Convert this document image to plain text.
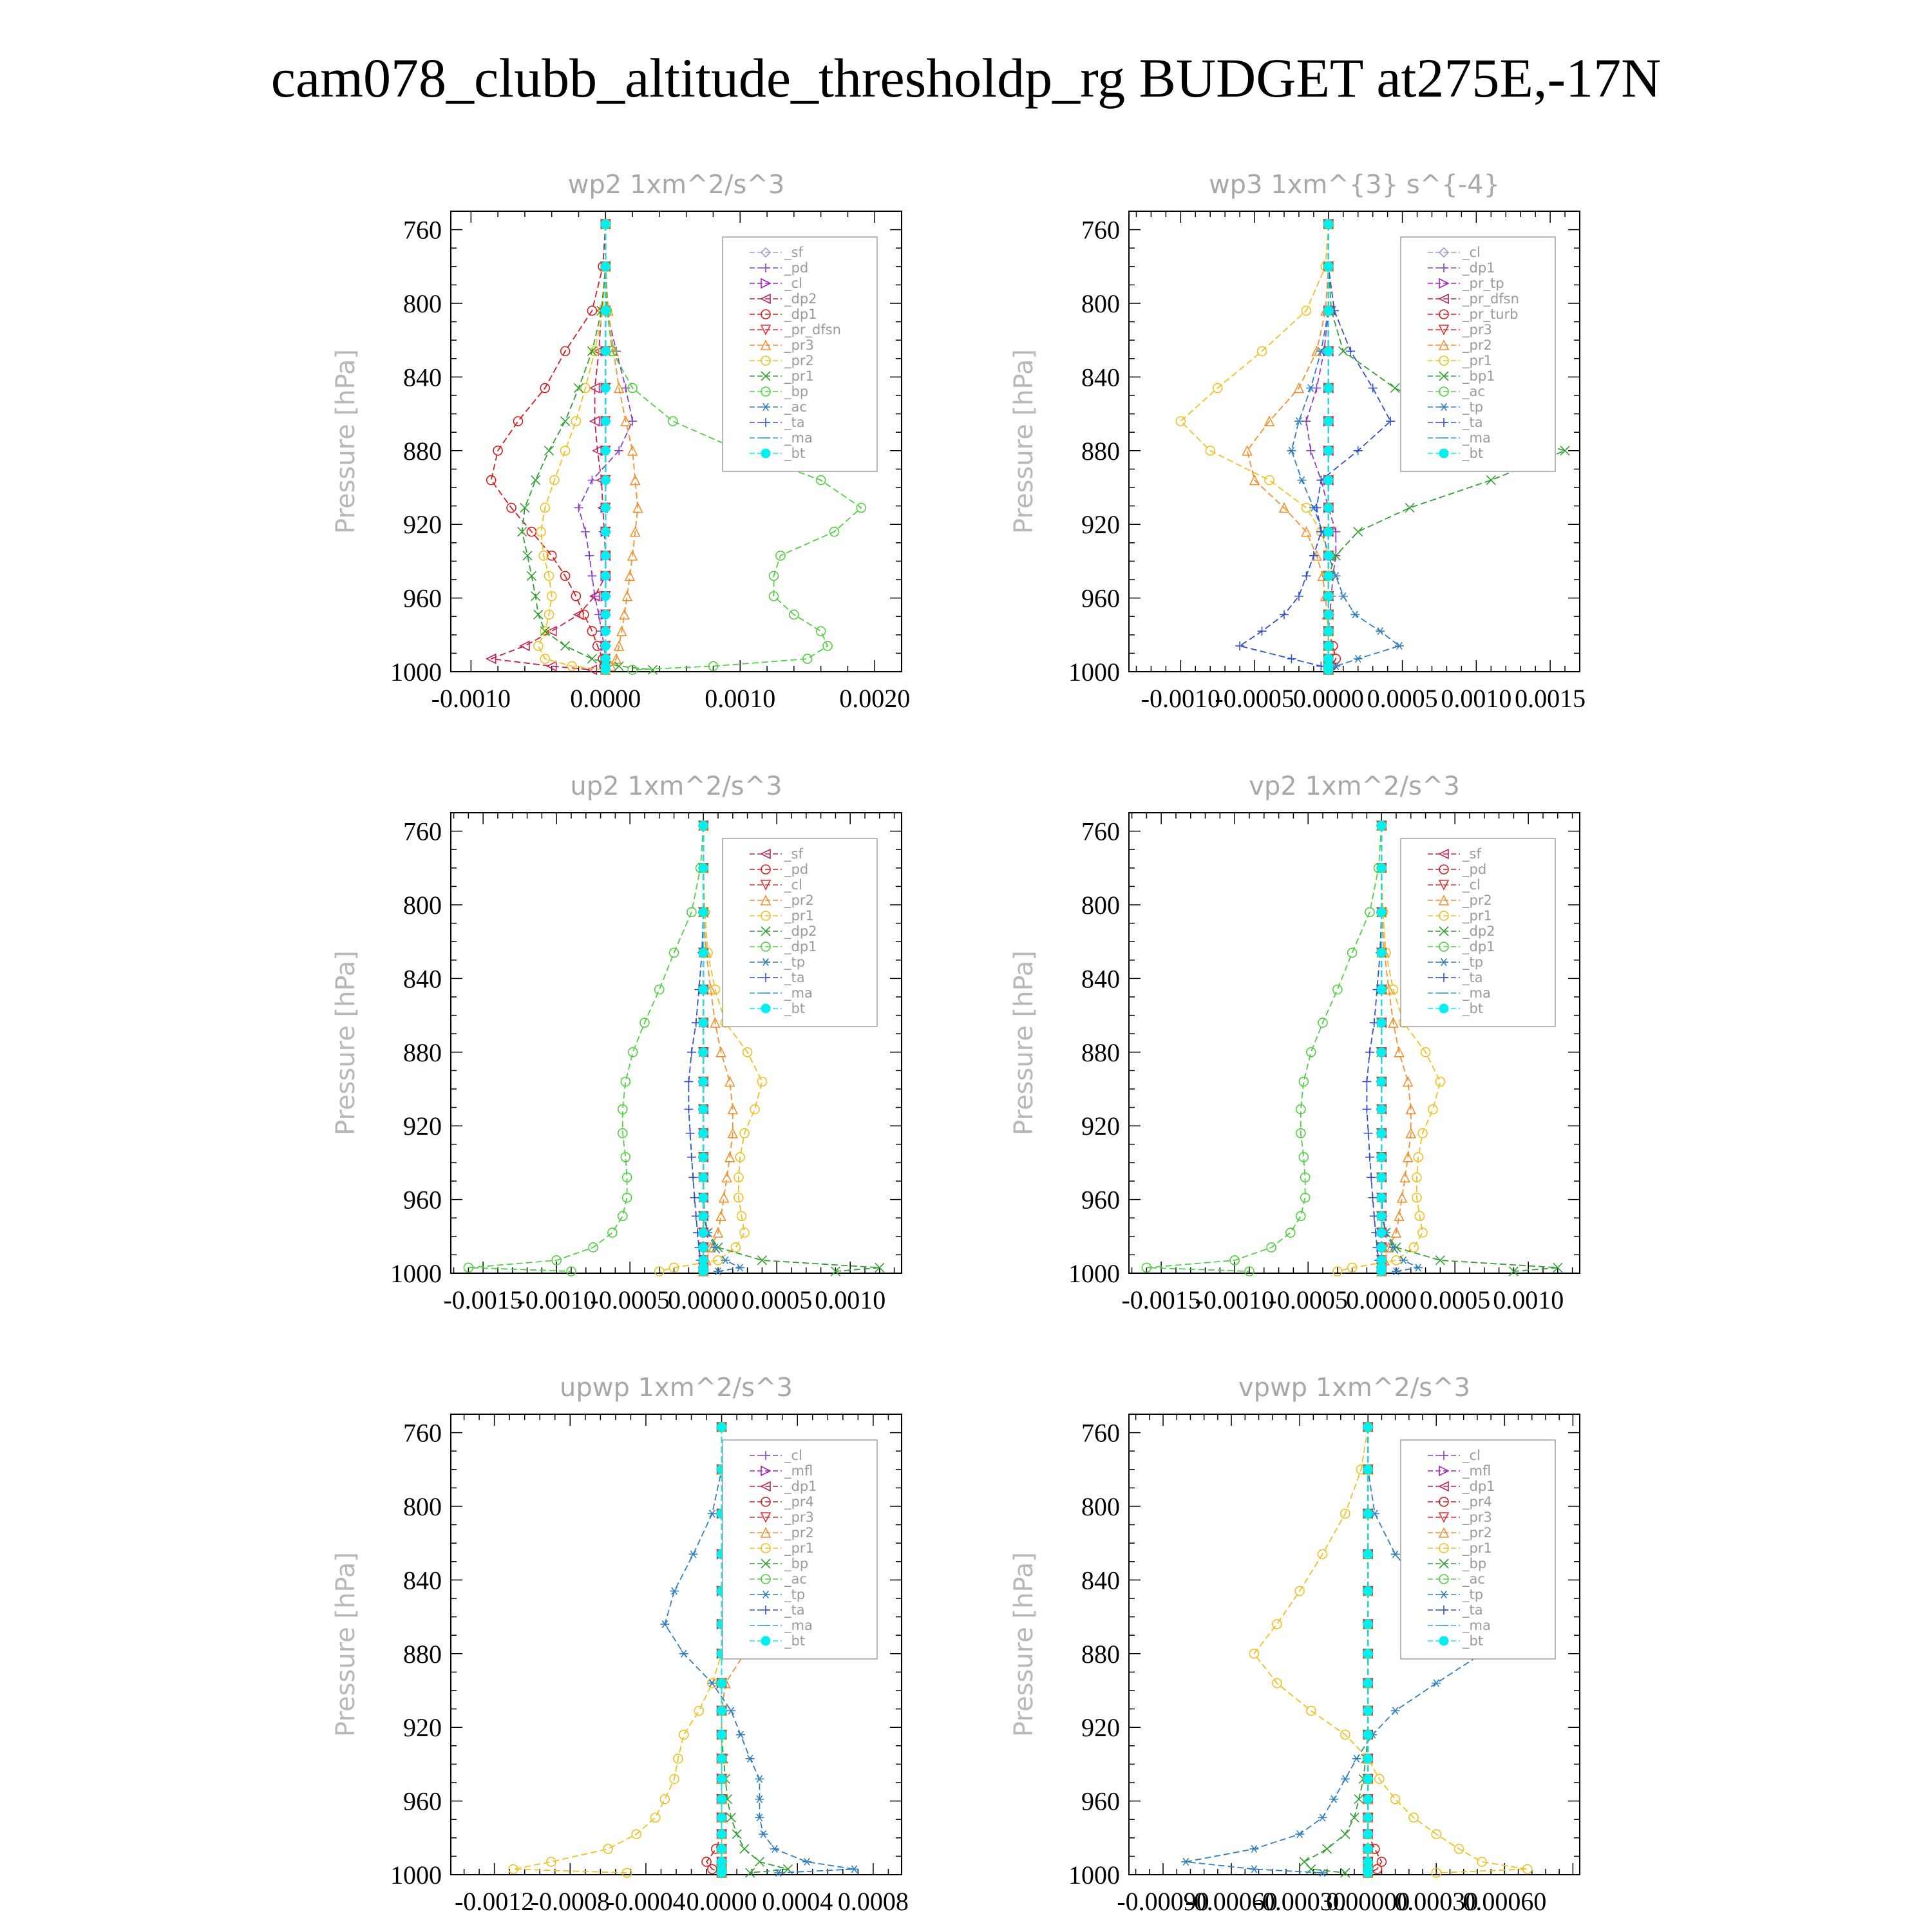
cam078_clubb_altitude_thresholdp_rg BUDGET at275E,-17N
wp2 1xm^2/s^3
Pressure [hPa]
760
800
840
880
920
960
1000
-0.0010 0.0000 0.0010 0.0020
_sf
_pd
_cl
_dp2
_dp1
_pr_dfsn
_pr3
_pr2
_pr1
_bp
_ac
_ta
_ma
_bt
wp3 1xm^{3} s^{-4}
Pressure [hPa]
760
800
840
880
920
960
1000
-0.0010
-0.0005
0.0000 0.0005 0.0010 0.0015
_cl
_dp1
_pr_tp
_pr_dfsn
_pr_turb
_pr3
_pr2
_pr1
_bp1
_ac
_tp
_ta
_ma
_bt
up2 1xm^2/s^3
Pressure [hPa]
760
800
840
880
920
960
1000
-0.0015
-0.0010
-0.0005
0.0000 0.0005 0.0010
_sf
_pd
_cl
_pr2
_pr1
_dp2
_dp1
_tp
_ta
_ma
_bt
vp2 1xm^2/s^3
Pressure [hPa]
760
800
840
880
920
960
1000
-0.0015
-0.0010
-0.0005
0.0000 0.0005 0.0010
_sf
_pd
_cl
_pr2
_pr1
_dp2
_dp1
_tp
_ta
_ma
_bt
upwp 1xm^2/s^3
Pressure [hPa]
760
800
840
880
920
960
1000
-0.0012
-0.0008
-0.0004 0.0000 0.0004 0.0008
_cl
_mfl
_dp1
_pr4
_pr3
_pr2
_pr1
_bp
_ac
_tp
_ta
_ma
_bt
vpwp 1xm^2/s^3
Pressure [hPa]
760
800
840
880
920
960
1000
-0.00090
-0.00060
-0.00030
0.00000
0.00030
0.00060
_cl
_mfl
_dp1
_pr4
_pr3
_pr2
_pr1
_bp
_ac
_tp
_ta
_ma
_bt
